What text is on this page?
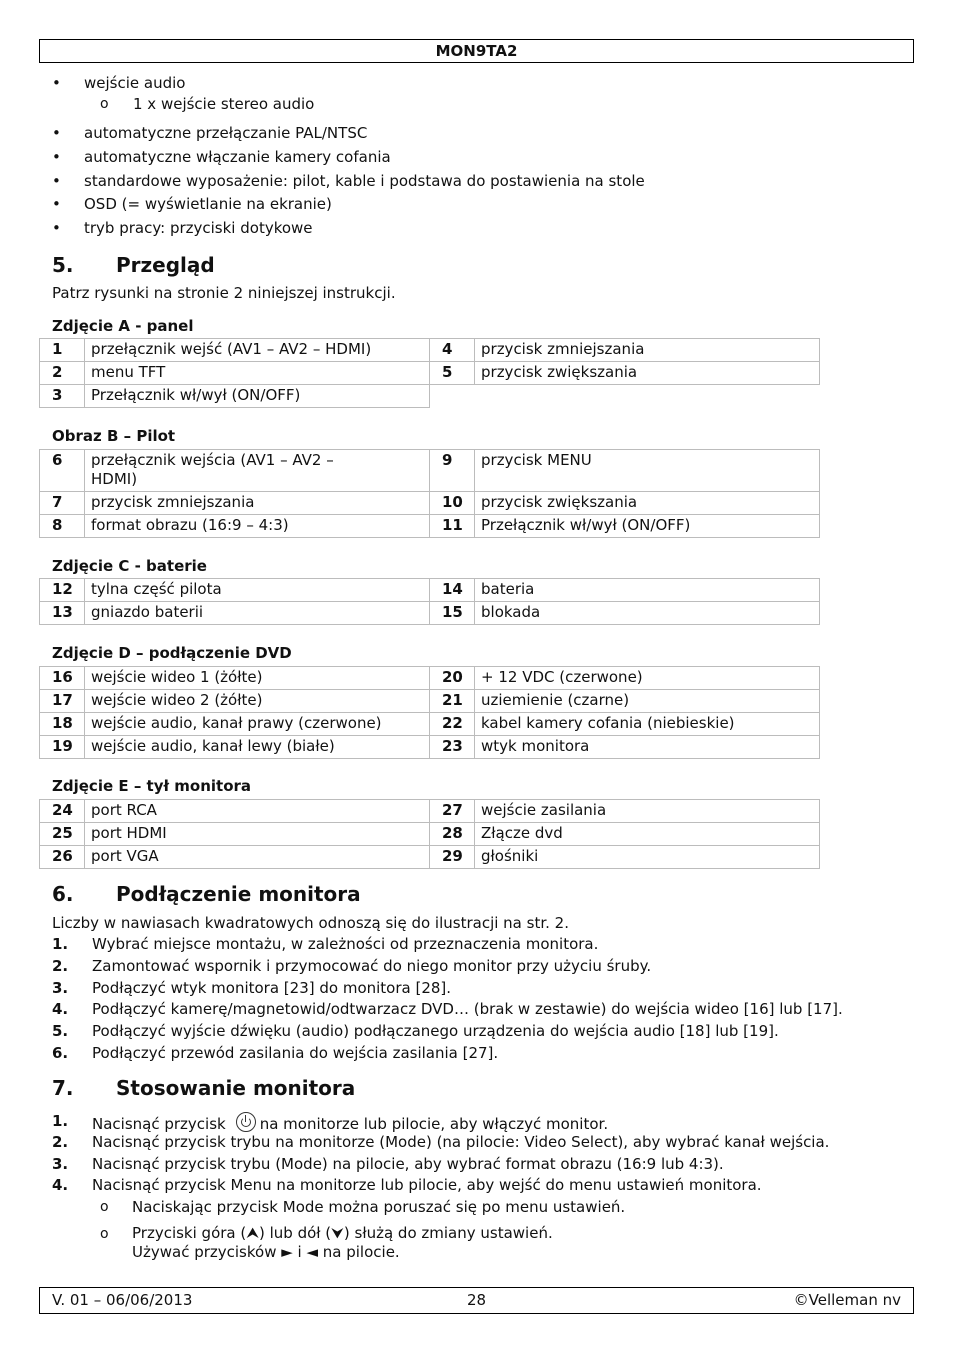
MON9TA2
• wejście audio
o 1 x wejście stereo audio
• automatyczne przełączanie PAL/NTSC
• automatyczne włączanie kamery cofania
• standardowe wyposażenie: pilot, kable i podstawa do postawienia na stole
• OSD (= wyświetlanie na ekranie)
• tryb pracy: przyciski dotykowe
5. Przegląd
Patrz rysunki na stronie 2 niniejszej instrukcji.
Zdjęcie A - panel
1	przełącznik wejść (AV1 – AV2 – HDMI)	4	przycisk zmniejszania
2	menu TFT	5	przycisk zwiększania
3	Przełącznik wł/wył (ON/OFF)		
Obraz B – Pilot
6	przełącznik wejścia (AV1 – AV2 –
HDMI)	9	przycisk MENU
7	przycisk zmniejszania	10	przycisk zwiększania
8	format obrazu (16:9 – 4:3)	11	Przełącznik wł/wył (ON/OFF)
Zdjęcie C - baterie
12	tylna część pilota	14	bateria
13	gniazdo baterii	15	blokada
Zdjęcie D – podłączenie DVD
16	wejście wideo 1 (żółte)	20	+ 12 VDC (czerwone)
17	wejście wideo 2 (żółte)	21	uziemienie (czarne)
18	wejście audio, kanał prawy (czerwone)	22	kabel kamery cofania (niebieskie)
19	wejście audio, kanał lewy (białe)	23	wtyk monitora
Zdjęcie E – tył monitora
24	port RCA	27	wejście zasilania
25	port HDMI	28	Złącze dvd
26	port VGA	29	głośniki
6. Podłączenie monitora
Liczby w nawiasach kwadratowych odnoszą się do ilustracji na str. 2.
1. Wybrać miejsce montażu, w zależności od przeznaczenia monitora.
2. Zamontować wspornik i przymocować do niego monitor przy użyciu śruby.
3. Podłączyć wtyk monitora [23] do monitora [28].
4. Podłączyć kamerę/magnetowid/odtwarzacz DVD… (brak w zestawie) do wejścia wideo [16] lub [17].
5. Podłączyć wyjście dźwięku (audio) podłączanego urządzenia do wejścia audio [18] lub [19].
6. Podłączyć przewód zasilania do wejścia zasilania [27].
7. Stosowanie monitora
1. Nacisnąć przycisk na monitorze lub pilocie, aby włączyć monitor.
2. Nacisnąć przycisk trybu na monitorze (Mode) (na pilocie: Video Select), aby wybrać kanał wejścia.
3. Nacisnąć przycisk trybu (Mode) na pilocie, aby wybrać format obrazu (16:9 lub 4:3).
4. Nacisnąć przycisk Menu na monitorze lub pilocie, aby wejść do menu ustawień monitora.
o Naciskając przycisk Mode można poruszać się po menu ustawień.
o Przyciski góra (⮝) lub dół (⮟) służą do zmiany ustawień.
Używać przycisków ► i ◄ na pilocie.
V. 01 – 06/06/2013	28	©Velleman nv
